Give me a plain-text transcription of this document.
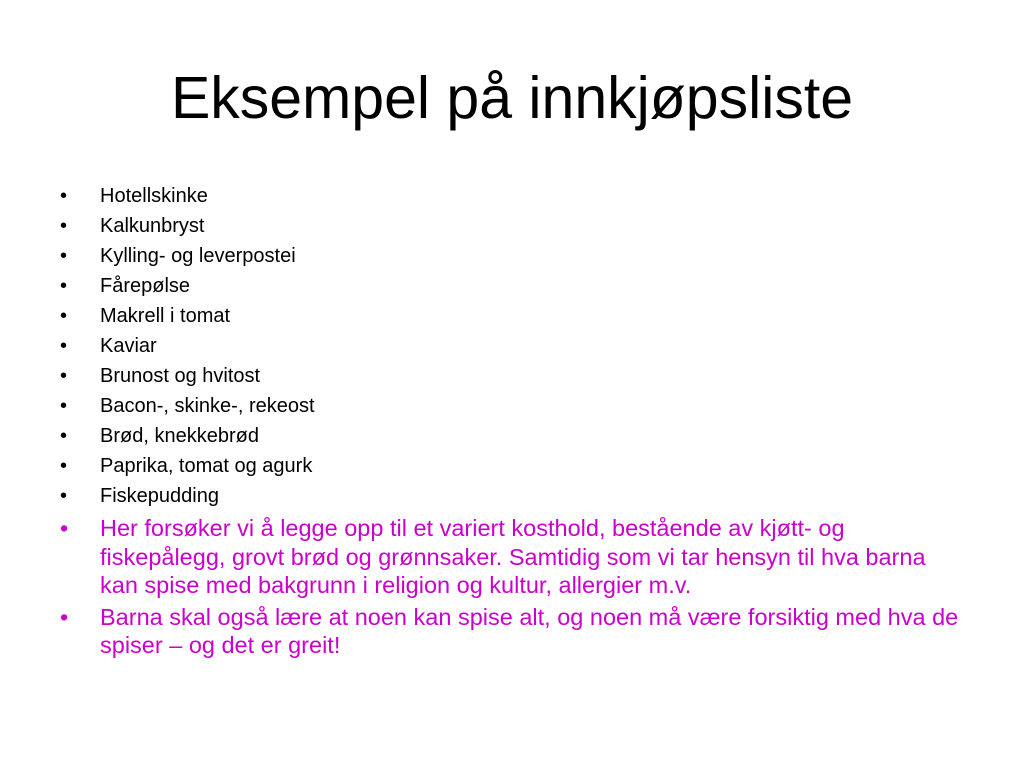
Eksempel på innkjøpsliste
• Hotellskinke
• Kalkunbryst
• Kylling- og leverpostei
• Fårepølse
• Makrell i tomat
• Kaviar
• Brunost og hvitost
• Bacon-, skinke-, rekeost
• Brød, knekkebrød
• Paprika, tomat og agurk
• Fiskepudding
• Her forsøker vi å legge opp til et variert kosthold, bestående av kjøtt- og fiskepålegg, grovt brød og grønnsaker. Samtidig som vi tar hensyn til hva barna kan spise med bakgrunn i religion og kultur, allergier m.v.
• Barna skal også lære at noen kan spise alt, og noen må være forsiktig med hva de spiser – og det er greit!
